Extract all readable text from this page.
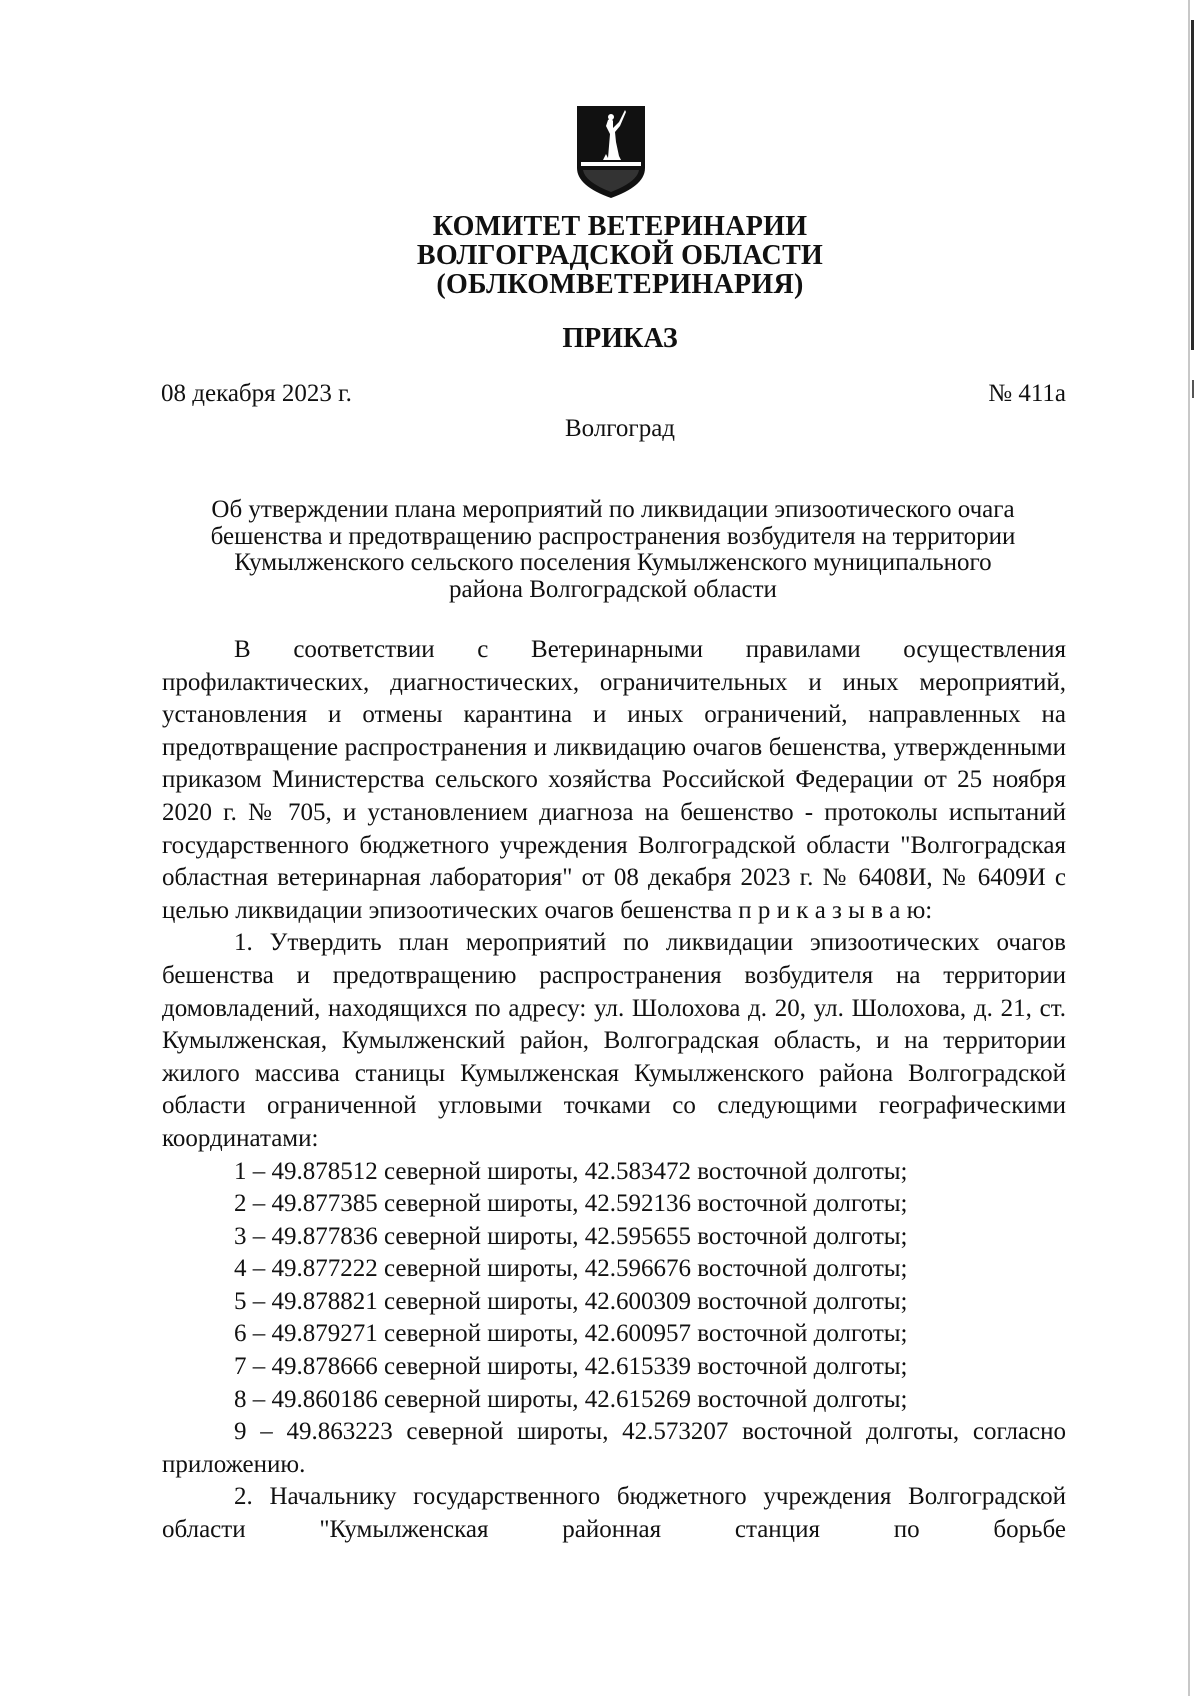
КОМИТЕТ ВЕТЕРИНАРИИ
ВОЛГОГРАДСКОЙ ОБЛАСТИ
(ОБЛКОМВЕТЕРИНАРИЯ)
ПРИКАЗ
08 декабря 2023 г.	№ 411а
Волгоград
Об утверждении плана мероприятий по ликвидации эпизоотического очага
бешенства и предотвращению распространения возбудителя на территории
Кумылженского сельского поселения Кумылженского муниципального
района Волгоградской области

В соответствии с Ветеринарными правилами осуществления профилактических, диагностических, ограничительных и иных мероприятий, установления и отмены карантина и иных ограничений, направленных на предотвращение распространения и ликвидацию очагов бешенства, утвержденными приказом Министерства сельского хозяйства Российской Федерации от 25 ноября 2020 г. № 705, и установлением диагноза на бешенство - протоколы испытаний государственного бюджетного учреждения Волгоградской области "Волгоградская областная ветеринарная лаборатория" от 08 декабря 2023 г. № 6408И, № 6409И с целью ликвидации эпизоотических очагов бешенства п р и к а з ы в а ю:

1. Утвердить план мероприятий по ликвидации эпизоотических очагов бешенства и предотвращению распространения возбудителя на территории домовладений, находящихся по адресу: ул. Шолохова д. 20, ул. Шолохова, д. 21, ст. Кумылженская, Кумылженский район, Волгоградская область, и на территории жилого массива станицы Кумылженская Кумылженского района Волгоградской области ограниченной угловыми точками со следующими географическими координатами:

1 – 49.878512 северной широты, 42.583472 восточной долготы;
2 – 49.877385 северной широты, 42.592136 восточной долготы;
3 – 49.877836 северной широты, 42.595655 восточной долготы;
4 – 49.877222 северной широты, 42.596676 восточной долготы;
5 – 49.878821 северной широты, 42.600309 восточной долготы;
6 – 49.879271 северной широты, 42.600957 восточной долготы;
7 – 49.878666 северной широты, 42.615339 восточной долготы;
8 – 49.860186 северной широты, 42.615269 восточной долготы;

9 – 49.863223 северной широты, 42.573207 восточной долготы, согласно приложению.

2. Начальнику государственного бюджетного учреждения Волгоградской области "Кумылженская районная станция по борьбе
